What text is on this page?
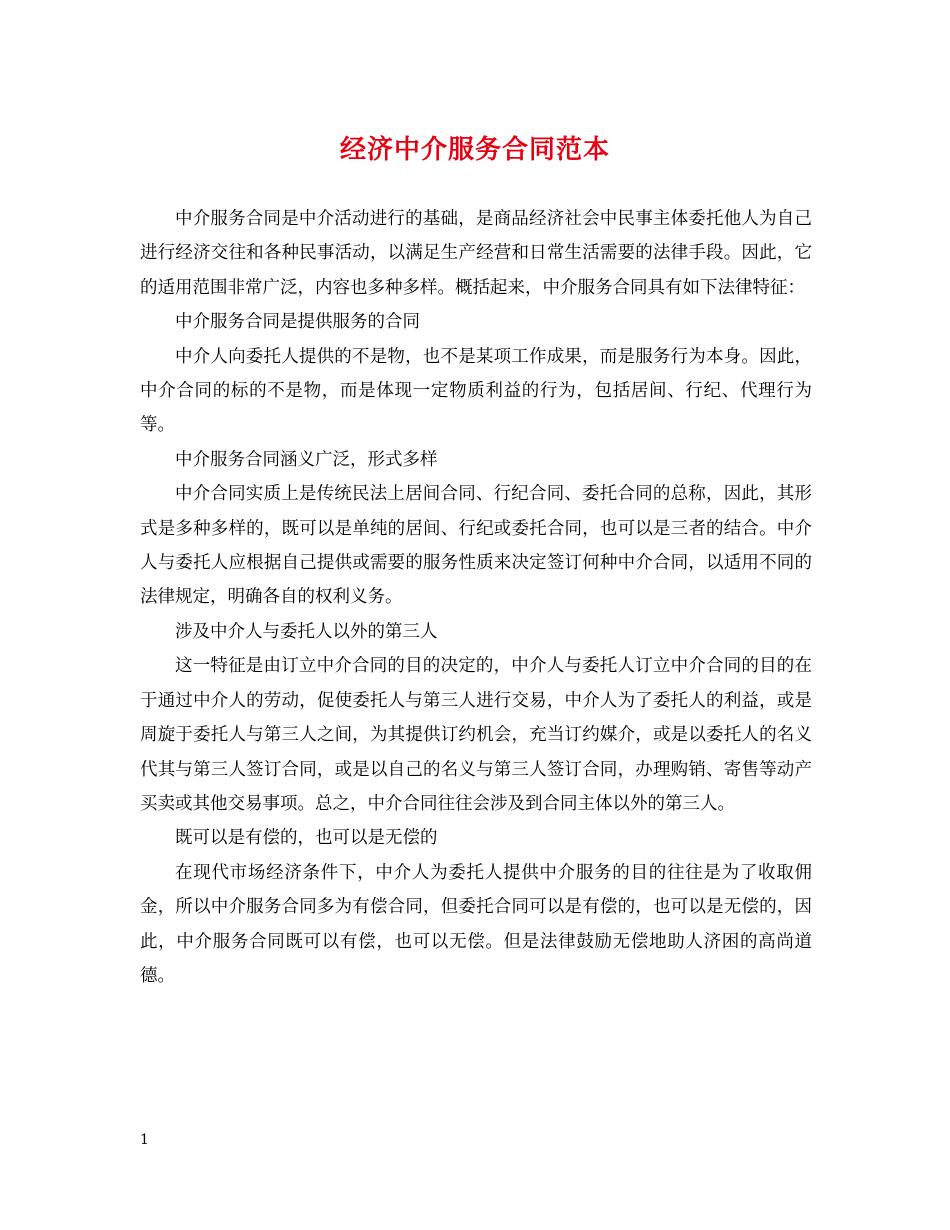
经济中介服务合同范本

中介服务合同是中介活动进行的基础，是商品经济社会中民事主体委托他人为自己进行经济交往和各种民事活动，以满足生产经营和日常生活需要的法律手段。因此，它的适用范围非常广泛，内容也多种多样。概括起来，中介服务合同具有如下法律特征：

中介服务合同是提供服务的合同

中介人向委托人提供的不是物，也不是某项工作成果，而是服务行为本身。因此，中介合同的标的不是物，而是体现一定物质利益的行为，包括居间、行纪、代理行为等。

中介服务合同涵义广泛，形式多样

中介合同实质上是传统民法上居间合同、行纪合同、委托合同的总称，因此，其形式是多种多样的，既可以是单纯的居间、行纪或委托合同，也可以是三者的结合。中介人与委托人应根据自己提供或需要的服务性质来决定签订何种中介合同，以适用不同的法律规定，明确各自的权利义务。

涉及中介人与委托人以外的第三人

这一特征是由订立中介合同的目的决定的，中介人与委托人订立中介合同的目的在于通过中介人的劳动，促使委托人与第三人进行交易，中介人为了委托人的利益，或是周旋于委托人与第三人之间，为其提供订约机会，充当订约媒介，或是以委托人的名义代其与第三人签订合同，或是以自己的名义与第三人签订合同，办理购销、寄售等动产买卖或其他交易事项。总之，中介合同往往会涉及到合同主体以外的第三人。

既可以是有偿的，也可以是无偿的

在现代市场经济条件下，中介人为委托人提供中介服务的目的往往是为了收取佣金，所以中介服务合同多为有偿合同，但委托合同可以是有偿的，也可以是无偿的，因此，中介服务合同既可以有偿，也可以无偿。但是法律鼓励无偿地助人济困的高尚道德。

1
